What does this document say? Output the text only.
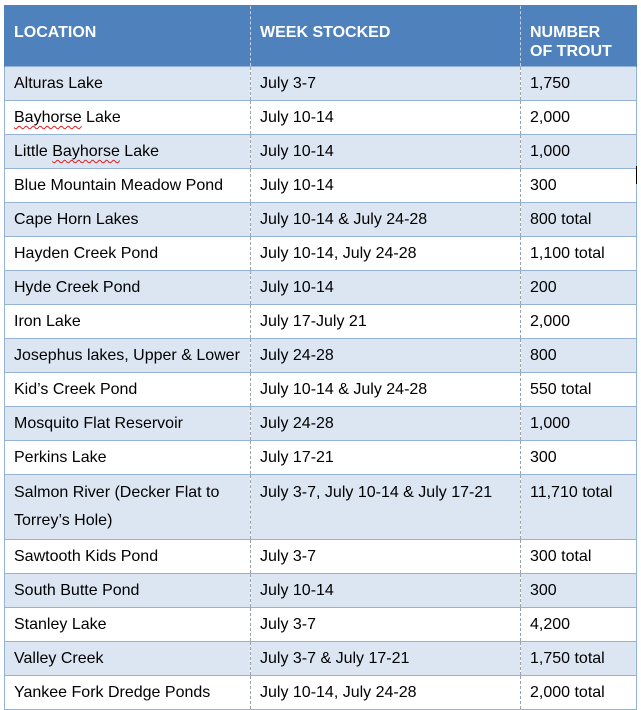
LOCATION	WEEK STOCKED	NUMBER
OF TROUT
Alturas Lake	July 3-7	1,750
Bayhorse Lake	July 10-14	2,000
Little Bayhorse Lake	July 10-14	1,000
Blue Mountain Meadow Pond	July 10-14	300
Cape Horn Lakes	July 10-14 & July 24-28	800 total
Hayden Creek Pond	July 10-14, July 24-28	1,100 total
Hyde Creek Pond	July 10-14	200
Iron Lake	July 17-July 21	2,000
Josephus lakes, Upper & Lower	July 24-28	800
Kid’s Creek Pond	July 10-14 & July 24-28	550 total
Mosquito Flat Reservoir	July 24-28	1,000
Perkins Lake	July 17-21	300
Salmon River (Decker Flat to Torrey’s Hole)	July 3-7, July 10-14 & July 17-21	11,710 total
Sawtooth Kids Pond	July 3-7	300 total
South Butte Pond	July 10-14	300
Stanley Lake	July 3-7	4,200
Valley Creek	July 3-7 & July 17-21	1,750 total
Yankee Fork Dredge Ponds	July 10-14, July 24-28	2,000 total
